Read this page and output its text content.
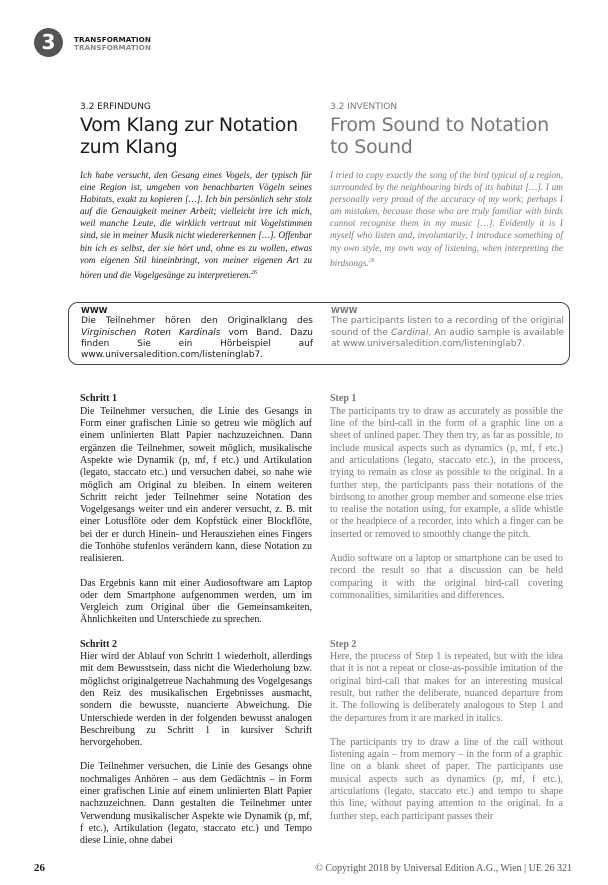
3	TRANSFORMATION
TRANSFORMATION
3.2 ERFINDUNG
Vom Klang zur Notation zum Klang
Ich habe versucht, den Gesang eines Vogels, der typisch für eine Region ist, umgeben von benachbarten Vögeln seines Habitats, exakt zu kopieren […]. Ich bin persönlich sehr stolz auf die Genauigkeit meiner Arbeit; vielleicht irre ich mich, weil manche Leute, die wirklich vertraut mit Vogelstimmen sind, sie in meiner Musik nicht wiedererkennen […]. Offenbar bin ich es selbst, der sie hört und, ohne es zu wollen, etwas vom eigenen Stil hineinbringt, von meiner eigenen Art zu hören und die Vogelgesänge zu interpretieren.$^{26}$
3.2 INVENTION
From Sound to Notation to Sound
I tried to copy exactly the song of the bird typical of a region, surrounded by the neighbouring birds of its habitat […]. I am personally very proud of the accuracy of my work; perhaps I am mistaken, because those who are truly familiar with birds cannot recognise them in my music […]. Evidently it is I myself who listen and, involuntarily, I introduce something of my own style, my own way of listening, when interpreting the birdsongs.$^{26}$
WWW
Die Teilnehmer hören den Originalklang des Virginischen Roten Kardinals vom Band. Dazu finden Sie ein Hörbeispiel auf www.universaledition.com/listeninglab7.
WWW
The participants listen to a recording of the original sound of the Cardinal. An audio sample is available at www.universaledition.com/listeninglab7.

Schritt 1

Die Teilnehmer versuchen, die Linie des Gesangs in Form einer grafischen Linie so getreu wie möglich auf einem unlinierten Blatt Papier nachzuzeichnen. Dann ergänzen die Teilnehmer, soweit möglich, musikalische Aspekte wie Dynamik (p, mf, f etc.) und Artikulation (legato, staccato etc.) und versuchen dabei, so nahe wie möglich am Original zu bleiben. In einem weiteren Schritt reicht jeder Teilnehmer seine Notation des Vogelgesangs weiter und ein anderer versucht, z. B. mit einer Lotusflöte oder dem Kopfstück einer Blockflöte, bei der er durch Hinein- und Herausziehen eines Fingers die Tonhöhe stufenlos verändern kann, diese Notation zu realisieren.

Das Ergebnis kann mit einer Audiosoftware am Laptop oder dem Smartphone aufgenommen werden, um im Vergleich zum Original über die Gemeinsamkeiten, Ähnlichkeiten und Unterschiede zu sprechen.

Step 1

The participants try to draw as accurately as possible the line of the bird-call in the form of a graphic line on a sheet of unlined paper. They then try, as far as possible, to include musical aspects such as dynamics (p, mf, f etc.) and articulations (legato, staccato etc.), in the process, trying to remain as close as possible to the original. In a further step, the participants pass their notations of the birdsong to another group member and someone else tries to realise the notation using, for example, a slide whistle or the headpiece of a recorder, into which a finger can be inserted or removed to smoothly change the pitch.

Audio software on a laptop or smartphone can be used to record the result so that a discussion can be held comparing it with the original bird-call covering commonalities, similarities and differences.

Schritt 2

Hier wird der Ablauf von Schritt 1 wiederholt, allerdings mit dem Bewusstsein, dass nicht die Wiederholung bzw. möglichst originalgetreue Nachahmung des Vogelgesangs den Reiz des musikalischen Ergebnisses ausmacht, sondern die bewusste, nuancierte Abweichung. Die Unterschiede werden in der folgenden bewusst analogen Beschreibung zu Schritt 1 in kursiver Schrift hervorgehoben.

Die Teilnehmer versuchen, die Linie des Gesangs ohne nochmaliges Anhören – aus dem Gedächtnis – in Form einer grafischen Linie auf einem unlinierten Blatt Papier nachzuzeichnen. Dann gestalten die Teilnehmer unter Verwendung musikalischer Aspekte wie Dynamik (p, mf, f etc.), Artikulation (legato, staccato etc.) und Tempo diese Linie, ohne dabei

Step 2

Here, the process of Step 1 is repeated, but with the idea that it is not a repeat or close-as-possible imitation of the original bird-call that makes for an interesting musical result, but rather the deliberate, nuanced departure from it. The following is deliberately analogous to Step 1 and the departures from it are marked in italics.

The participants try to draw a line of the call without listening again – from memory – in the form of a graphic line on a blank sheet of paper. The participants use musical aspects such as dynamics (p, mf, f etc.), articulations (legato, staccato etc.) and tempo to shape this line, without paying attention to the original. In a further step, each participant passes their

26	© Copyright 2018 by Universal Edition A.G., Wien | UE 26 321
